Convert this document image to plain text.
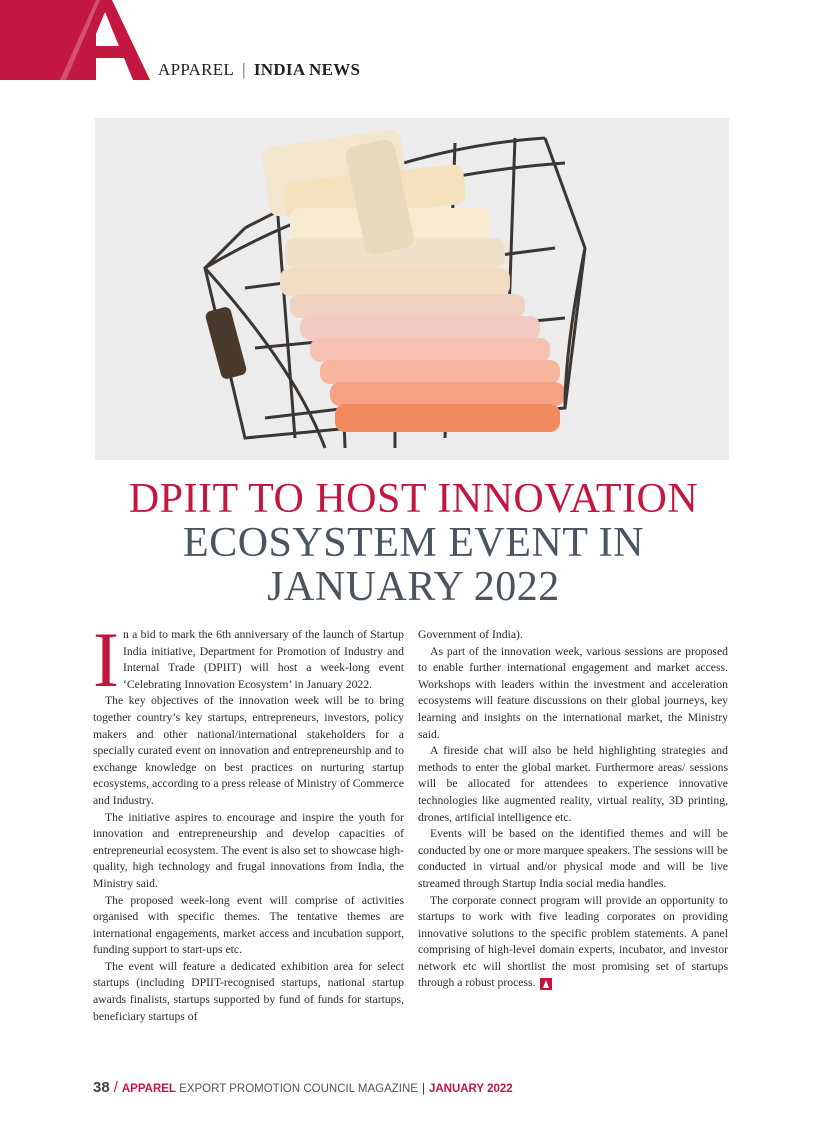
APPAREL | INDIA NEWS
DPIIT TO HOST INNOVATION
ECOSYSTEM EVENT IN
JANUARY 2022

In a bid to mark the 6th anniversary of the launch of Startup India initiative, Department for Promotion of Industry and Internal Trade (DPIIT) will host a week-long event ‘Celebrating Innovation Ecosystem’ in January 2022.

The key objectives of the innovation week will be to bring together country’s key startups, entrepreneurs, investors, policy makers and other national/international stakeholders for a specially curated event on innovation and entrepreneurship and to exchange knowledge on best practices on nurturing startup ecosystems, according to a press release of Ministry of Commerce and Industry.

The initiative aspires to encourage and inspire the youth for innovation and entrepreneurship and develop capacities of entrepreneurial ecosystem. The event is also set to showcase high-quality, high technology and frugal innovations from India, the Ministry said.

The proposed week-long event will comprise of activities organised with specific themes. The tentative themes are international engagements, market access and incubation support, funding support to start-ups etc.

The event will feature a dedicated exhibition area for select startups (including DPIIT-recognised startups, national startup awards finalists, startups supported by fund of funds for startups, beneficiary startups of

Government of India).

As part of the innovation week, various sessions are proposed to enable further international engagement and market access. Workshops with leaders within the investment and acceleration ecosystems will feature discussions on their global journeys, key learning and insights on the international market, the Ministry said.

A fireside chat will also be held highlighting strategies and methods to enter the global market. Furthermore areas/ sessions will be allocated for attendees to experience innovative technologies like augmented reality, virtual reality, 3D printing, drones, artificial intelligence etc.

Events will be based on the identified themes and will be conducted by one or more marquee speakers. The sessions will be conducted in virtual and/or physical mode and will be live streamed through Startup India social media handles.

The corporate connect program will provide an opportunity to startups to work with five leading corporates on providing innovative solutions to the specific problem statements. A panel comprising of high-level domain experts, incubator, and investor network etc will shortlist the most promising set of startups through a robust process.

38 / APPAREL EXPORT PROMOTION COUNCIL MAGAZINE | JANUARY 2022
